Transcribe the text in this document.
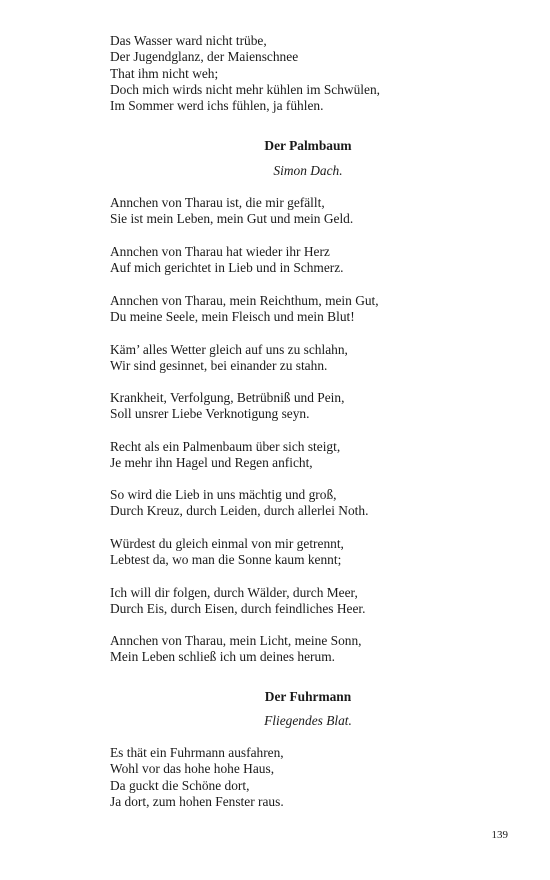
Das Wasser ward nicht trübe,
Der Jugendglanz, der Maienschnee
That ihm nicht weh;
Doch mich wirds nicht mehr kühlen im Schwülen,
Im Sommer werd ichs fühlen, ja fühlen.
Der Palmbaum
Simon Dach.
Annchen von Tharau ist, die mir gefällt,
Sie ist mein Leben, mein Gut und mein Geld.
Annchen von Tharau hat wieder ihr Herz
Auf mich gerichtet in Lieb und in Schmerz.
Annchen von Tharau, mein Reichthum, mein Gut,
Du meine Seele, mein Fleisch und mein Blut!
Käm’ alles Wetter gleich auf uns zu schlahn,
Wir sind gesinnet, bei einander zu stahn.
Krankheit, Verfolgung, Betrübniß und Pein,
Soll unsrer Liebe Verknotigung seyn.
Recht als ein Palmenbaum über sich steigt,
Je mehr ihn Hagel und Regen anficht,
So wird die Lieb in uns mächtig und groß,
Durch Kreuz, durch Leiden, durch allerlei Noth.
Würdest du gleich einmal von mir getrennt,
Lebtest da, wo man die Sonne kaum kennt;
Ich will dir folgen, durch Wälder, durch Meer,
Durch Eis, durch Eisen, durch feindliches Heer.
Annchen von Tharau, mein Licht, meine Sonn,
Mein Leben schließ ich um deines herum.
Der Fuhrmann
Fliegendes Blat.
Es thät ein Fuhrmann ausfahren,
Wohl vor das hohe hohe Haus,
Da guckt die Schöne dort,
Ja dort, zum hohen Fenster raus.
139
